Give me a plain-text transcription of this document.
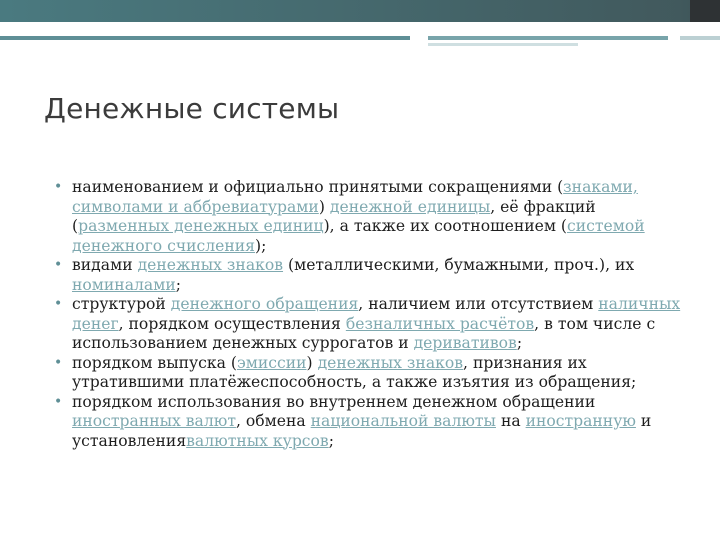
Денежные системы
• наименованием и официально принятыми сокращениями (знаками, символами и аббревиатурами) денежной единицы, её фракций (разменных денежных единиц), а также их соотношением (системой денежного счисления);
• видами денежных знаков (металлическими, бумажными, проч.), их номиналами;
• структурой денежного обращения, наличием или отсутствием наличных денег, порядком осуществления безналичных расчётов, в том числе с использованием денежных суррогатов и деривативов;
• порядком выпуска (эмиссии) денежных знаков, признания их утратившими платёжеспособность, а также изъятия из обращения;
• порядком использования во внутреннем денежном обращении иностранных валют, обмена национальной валюты на иностранную и установлениявалютных курсов;
